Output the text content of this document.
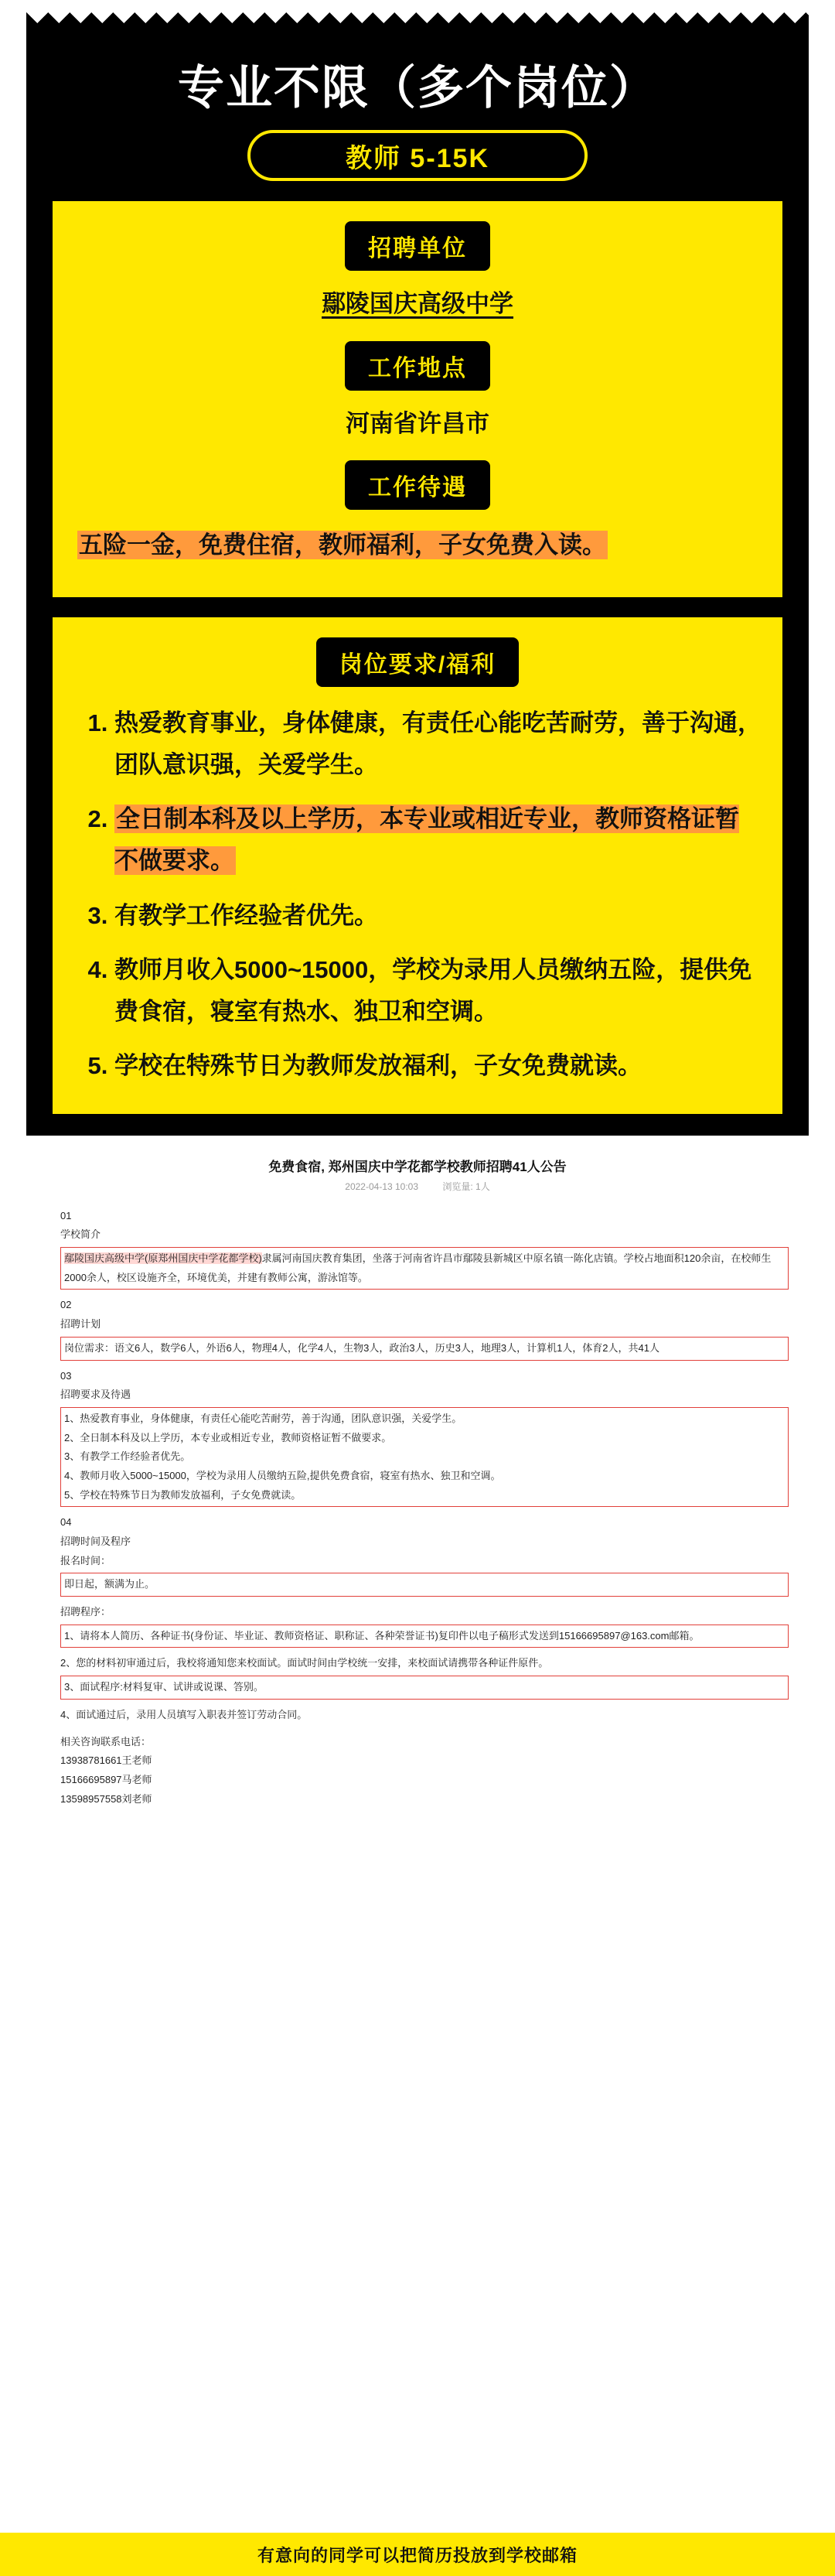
专业不限（多个岗位）
教师 5-15K
招聘单位
鄢陵国庆高级中学
工作地点
河南省许昌市
工作待遇
五险一金，免费住宿，教师福利，子女免费入读。
岗位要求/福利
1. 热爱教育事业，身体健康，有责任心能吃苦耐劳，善于沟通，团队意识强，关爱学生。
2. 全日制本科及以上学历，本专业或相近专业，教师资格证暂不做要求。
3. 有教学工作经验者优先。
4. 教师月收入5000~15000，学校为录用人员缴纳五险，提供免费食宿，寝室有热水、独卫和空调。
5. 学校在特殊节日为教师发放福利，子女免费就读。
免费食宿, 郑州国庆中学花都学校教师招聘41人公告
2022-04-13 10:03	浏览量: 1人
01
学校简介
鄢陵国庆高级中学(原郑州国庆中学花都学校)隶属河南国庆教育集团，坐落于河南省许昌市鄢陵县新城区中原名镇一陈化店镇。学校占地面积120余亩，在校师生2000余人，校区设施齐全，环境优美，并建有教师公寓，游泳馆等。
02
招聘计划
岗位需求：语文6人，数学6人，外语6人，物理4人，化学4人，生物3人，政治3人，历史3人，地理3人，计算机1人，体育2人，共41人
03
招聘要求及待遇
1、热爱教育事业，身体健康，有责任心能吃苦耐劳，善于沟通，团队意识强，关爱学生。
2、全日制本科及以上学历，本专业或相近专业，教师资格证暂不做要求。
3、有教学工作经验者优先。
4、教师月收入5000~15000，学校为录用人员缴纳五险,提供免费食宿，寝室有热水、独卫和空调。
5、学校在特殊节日为教师发放福利，子女免费就读。
04
招聘时间及程序
报名时间：
即日起，额满为止。
招聘程序：
1、请将本人简历、各种证书(身份证、毕业证、教师资格证、职称证、各种荣誉证书)复印件以电子稿形式发送到15166695897@163.com邮箱。
2、您的材料初审通过后，我校将通知您来校面试。面试时间由学校统一安排，来校面试请携带各种证件原件。
3、面试程序:材料复审、试讲或说课、答别。
4、面试通过后，录用人员填写入职表并签订劳动合同。
相关咨询联系电话：
13938781661王老师
15166695897马老师
13598957558刘老师
有意向的同学可以把简历投放到学校邮箱
